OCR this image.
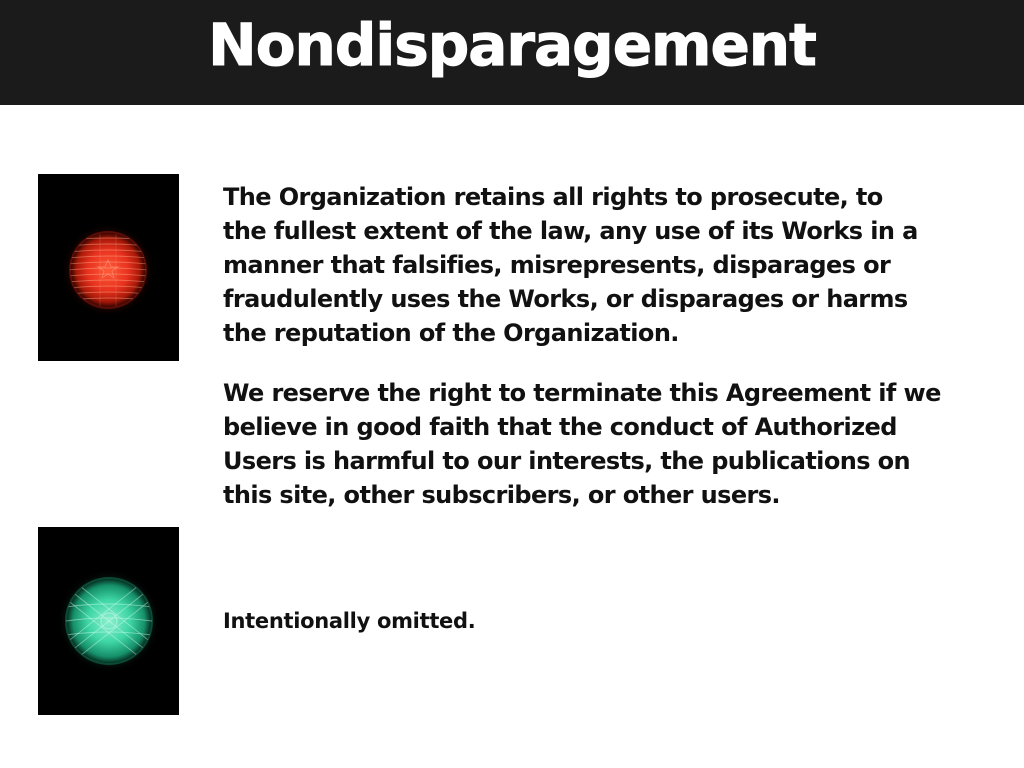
Nondisparagement
The Organization retains all rights to prosecute, to
the fullest extent of the law, any use of its Works in a
manner that falsifies, misrepresents, disparages or
fraudulently uses the Works, or disparages or harms
the reputation of the Organization.
We reserve the right to terminate this Agreement if we
believe in good faith that the conduct of Authorized
Users is harmful to our interests, the publications on
this site, other subscribers, or other users.
Intentionally omitted.
